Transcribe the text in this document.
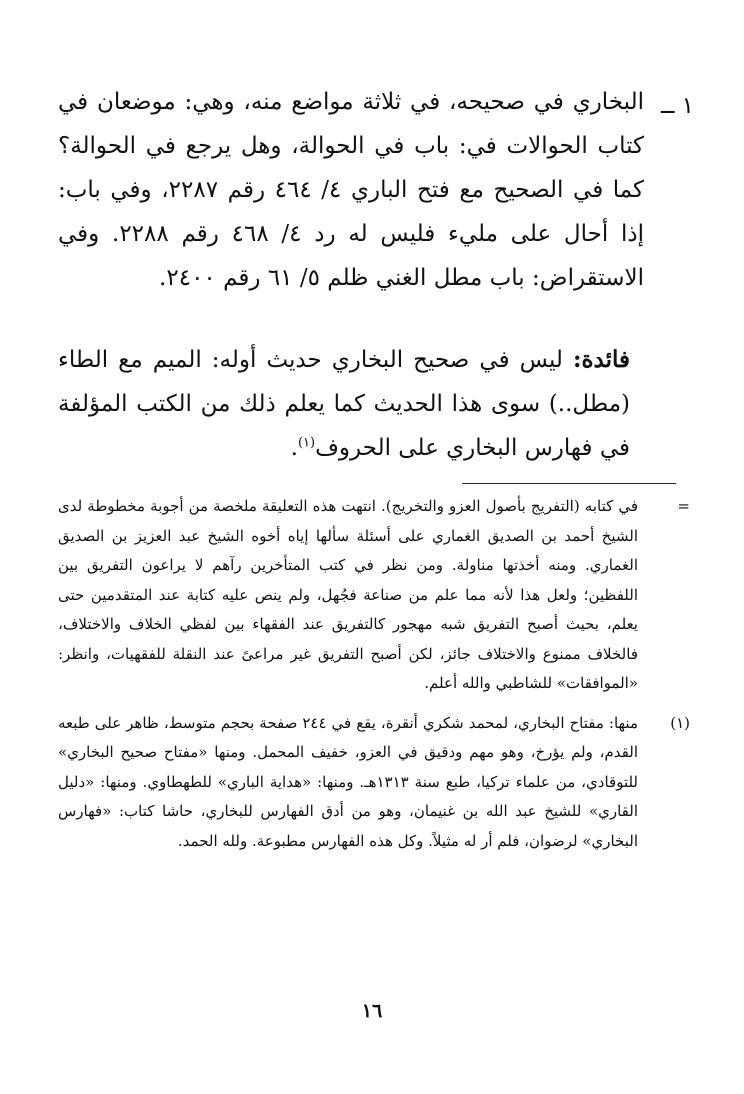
١ ــ
البخاري في صحيحه، في ثلاثة مواضع منه، وهي: موضعان في كتاب الحوالات في: باب في الحوالة، وهل يرجع في الحوالة؟ كما في الصحيح مع فتح الباري ٤/ ٤٦٤ رقم ٢٢٨٧، وفي باب: إذا أحال على مليء فليس له رد ٤/ ٤٦٨ رقم ٢٢٨٨. وفي الاستقراض: باب مطل الغني ظلم ٥/ ٦١ رقم ٢٤٠٠.
فائدة: ليس في صحيح البخاري حديث أوله: الميم مع الطاء (مطل..) سوى هذا الحديث كما يعلم ذلك من الكتب المؤلفة في فهارس البخاري على الحروف$^{(١)}$.
=
في كتابه (التفريج بأصول العزو والتخريج). انتهت هذه التعليقة ملخصة من أجوبة مخطوطة لدى الشيخ أحمد بن الصديق الغماري على أسئلة سألها إياه أخوه الشيخ عبد العزيز بن الصديق الغماري. ومنه أخذتها مناولة. ومن نظر في كتب المتأخرين رآهم لا يراعون التفريق بين اللفظين؛ ولعل هذا لأنه مما علم من صناعة فجُهل، ولم ينص عليه كتابة عند المتقدمين حتى يعلم، بحيث أصبح التفريق شبه مهجور كالتفريق عند الفقهاء بين لفظي الخلاف والاختلاف، فالخلاف ممنوع والاختلاف جائز، لكن أصبح التفريق غير مراعىً عند النقلة للفقهيات، وانظر: «الموافقات» للشاطبي والله أعلم.
(١)
منها: مفتاح البخاري، لمحمد شكري أنقرة، يقع في ٢٤٤ صفحة بحجم متوسط، ظاهر على طبعه القدم، ولم يؤرخ، وهو مهم ودقيق في العزو، خفيف المحمل. ومنها «مفتاح صحيح البخاري» للتوقادي، من علماء تركيا، طبع سنة ١٣١٣هـ. ومنها: «هداية الباري» للطهطاوي. ومنها: «دليل القاري» للشيخ عبد الله بن غنيمان، وهو من أدق الفهارس للبخاري، حاشا كتاب: «فهارس البخاري» لرضوان، فلم أر له مثيلاً. وكل هذه الفهارس مطبوعة. ولله الحمد.
١٦
